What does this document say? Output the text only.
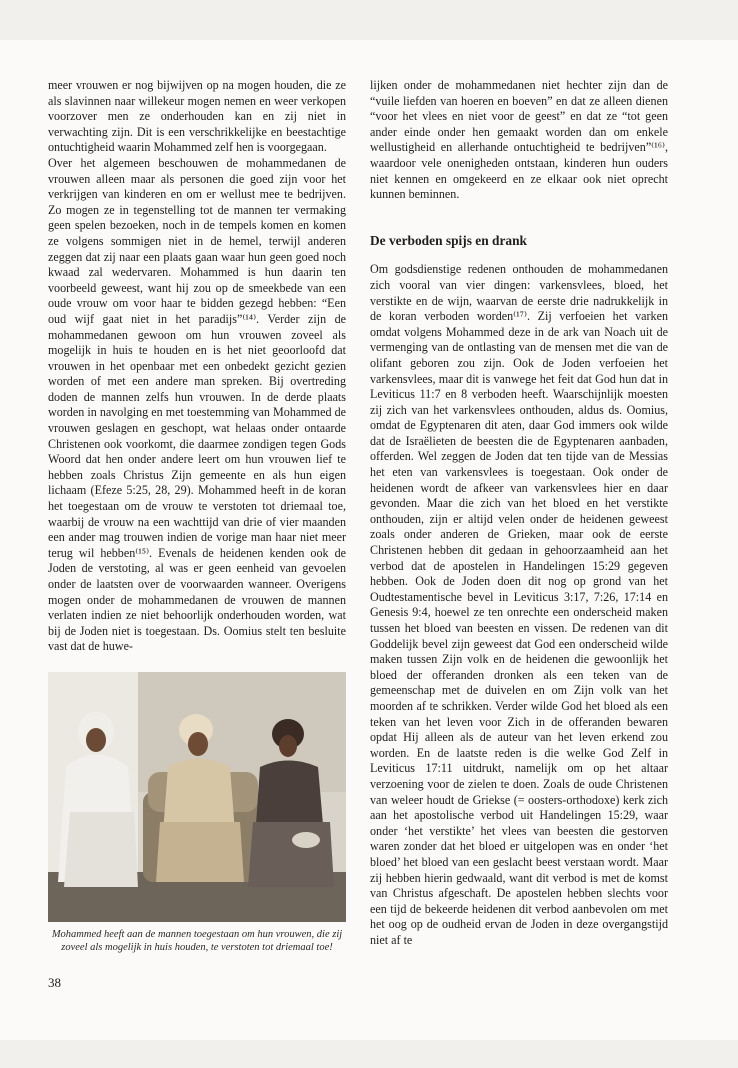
meer vrouwen er nog bijwijven op na mogen houden, die ze als slavinnen naar willekeur mogen nemen en weer verkopen voorzover men ze onderhouden kan en zij niet in verwachting zijn. Dit is een verschrikkelijke en beestachtige ontuchtigheid waarin Mohammed zelf hen is voorgegaan.

Over het algemeen beschouwen de mohammedanen de vrouwen alleen maar als personen die goed zijn voor het verkrijgen van kinderen en om er wellust mee te bedrijven. Zo mogen ze in tegenstelling tot de mannen ter vermaking geen spelen bezoeken, noch in de tempels komen en komen ze volgens sommigen niet in de hemel, terwijl anderen zeggen dat zij naar een plaats gaan waar hun geen goed noch kwaad zal wedervaren. Mohammed is hun daarin ten voorbeeld geweest, want hij zou op de smeekbede van een oude vrouw om voor haar te bidden gezegd hebben: “Een oud wijf gaat niet in het paradijs”⁽¹⁴⁾. Verder zijn de mohammedanen gewoon om hun vrouwen zoveel als mogelijk in huis te houden en is het niet geoorloofd dat vrouwen in het openbaar met een onbedekt gezicht gezien worden of met een andere man spreken. Bij overtreding doden de mannen zelfs hun vrouwen. In de derde plaats worden in navolging en met toestemming van Mohammed de vrouwen geslagen en geschopt, wat helaas onder ontaarde Christenen ook voorkomt, die daarmee zondigen tegen Gods Woord dat hen onder andere leert om hun vrouwen lief te hebben zoals Christus Zijn gemeente en als hun eigen lichaam (Efeze 5:25, 28, 29). Mohammed heeft in de koran het toegestaan om de vrouw te verstoten tot driemaal toe, waarbij de vrouw na een wachttijd van drie of vier maanden een ander mag trouwen indien de vorige man haar niet meer terug wil hebben⁽¹⁵⁾. Evenals de heidenen kenden ook de Joden de verstoting, al was er geen eenheid van gevoelen onder de laatsten over de voorwaarden wanneer. Overigens mogen onder de mohammedanen de vrouwen de mannen verlaten indien ze niet behoorlijk onderhouden worden, wat bij de Joden niet is toegestaan. Ds. Oomius stelt ten besluite vast dat de huwe-

Mohammed heeft aan de mannen toegestaan om hun vrouwen, die zij zoveel als mogelijk in huis houden, te verstoten tot driemaal toe!
38

lijken onder de mohammedanen niet hechter zijn dan de “vuile liefden van hoeren en boeven” en dat ze alleen dienen “voor het vlees en niet voor de geest” en dat ze “tot geen ander einde onder hen gemaakt worden dan om enkele wellustigheid en allerhande ontuchtigheid te bedrijven”⁽¹⁶⁾, waardoor vele onenigheden ontstaan, kinderen hun ouders niet kennen en omgekeerd en ze elkaar ook niet oprecht kunnen beminnen.

De verboden spijs en drank

Om godsdienstige redenen onthouden de mohammedanen zich vooral van vier dingen: varkensvlees, bloed, het verstikte en de wijn, waarvan de eerste drie nadrukkelijk in de koran verboden worden⁽¹⁷⁾. Zij verfoeien het varken omdat volgens Mohammed deze in de ark van Noach uit de vermenging van de ontlasting van de mensen met die van de olifant geboren zou zijn. Ook de Joden verfoeien het varkensvlees, maar dit is vanwege het feit dat God hun dat in Leviticus 11:7 en 8 verboden heeft. Waarschijnlijk moesten zij zich van het varkensvlees onthouden, aldus ds. Oomius, omdat de Egyptenaren dit aten, daar God immers ook wilde dat de Israëlieten de beesten die de Egyptenaren aanbaden, offerden. Wel zeggen de Joden dat ten tijde van de Messias het eten van varkensvlees is toegestaan. Ook onder de heidenen wordt de afkeer van varkensvlees hier en daar gevonden. Maar die zich van het bloed en het verstikte onthouden, zijn er altijd velen onder de heidenen geweest zoals onder anderen de Grieken, maar ook de eerste Christenen hebben dit gedaan in gehoorzaamheid aan het verbod dat de apostelen in Handelingen 15:29 gegeven hebben. Ook de Joden doen dit nog op grond van het Oudtestamentische bevel in Leviticus 3:17, 7:26, 17:14 en Genesis 9:4, hoewel ze ten onrechte een onderscheid maken tussen het bloed van beesten en vissen. De redenen van dit Goddelijk bevel zijn geweest dat God een onderscheid wilde maken tussen Zijn volk en de heidenen die gewoonlijk het bloed der offeranden dronken als een teken van de gemeenschap met de duivelen en om Zijn volk van het moorden af te schrikken. Verder wilde God het bloed als een teken van het leven voor Zich in de offeranden bewaren opdat Hij alleen als de auteur van het leven erkend zou worden. En de laatste reden is die welke God Zelf in Leviticus 17:11 uitdrukt, namelijk om op het altaar verzoening voor de zielen te doen. Zoals de oude Christenen van weleer houdt de Griekse (= oosters-orthodoxe) kerk zich aan het apostolische verbod uit Handelingen 15:29, waar onder ‘het verstikte’ het vlees van beesten die gestorven waren zonder dat het bloed er uitgelopen was en onder ‘het bloed’ het bloed van een geslacht beest verstaan wordt. Maar zij hebben hierin gedwaald, want dit verbod is met de komst van Christus afgeschaft. De apostelen hebben slechts voor een tijd de bekeerde heidenen dit verbod aanbevolen om met het oog op de oudheid ervan de Joden in deze overgangstijd niet af te
